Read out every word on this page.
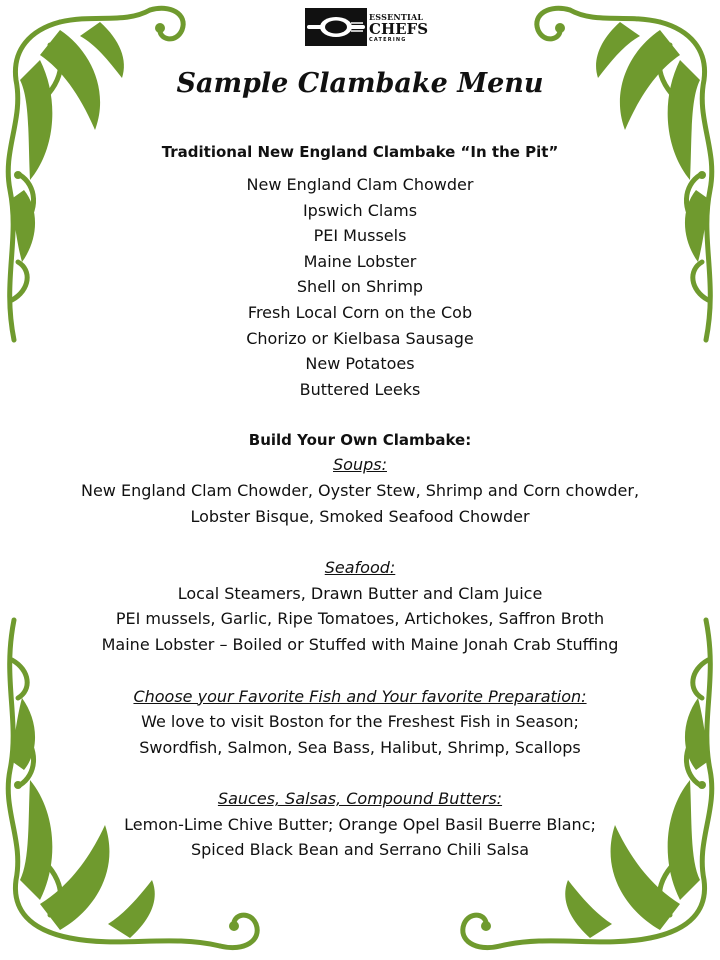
ESSENTIAL
CHEFS
CATERING
Sample Clambake Menu
Traditional New England Clambake “In the Pit”
New England Clam Chowder
Ipswich Clams
PEI Mussels
Maine Lobster
Shell on Shrimp
Fresh Local Corn on the Cob
Chorizo or Kielbasa Sausage
New Potatoes
Buttered Leeks
Build Your Own Clambake:
Soups:
New England Clam Chowder, Oyster Stew, Shrimp and Corn chowder,
Lobster Bisque, Smoked Seafood Chowder
Seafood:
Local Steamers, Drawn Butter and Clam Juice
PEI mussels, Garlic, Ripe Tomatoes, Artichokes, Saffron Broth
Maine Lobster – Boiled or Stuffed with Maine Jonah Crab Stuffing
Choose your Favorite Fish and Your favorite Preparation:
We love to visit Boston for the Freshest Fish in Season;
Swordfish, Salmon, Sea Bass, Halibut, Shrimp, Scallops
Sauces, Salsas, Compound Butters:
Lemon-Lime Chive Butter; Orange Opel Basil Buerre Blanc;
Spiced Black Bean and Serrano Chili Salsa
